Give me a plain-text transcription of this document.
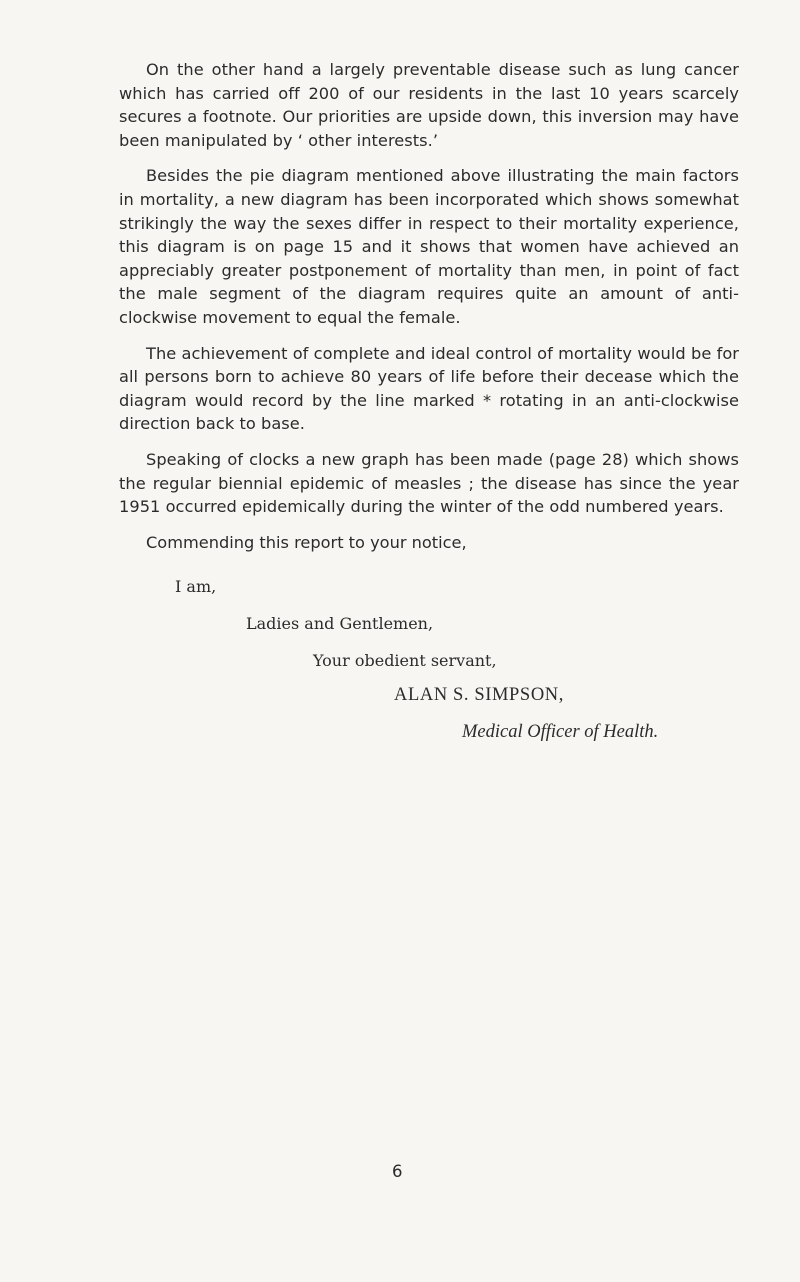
On the other hand a largely preventable disease such as lung cancer which has carried off 200 of our residents in the last 10 years scarcely secures a footnote. Our priorities are upside down, this inversion may have been manipulated by ‘ other interests.’

Besides the pie diagram mentioned above illustrating the main factors in mortality, a new diagram has been incorporated which shows somewhat strikingly the way the sexes differ in respect to their mortality experience, this diagram is on page 15 and it shows that women have achieved an appreciably greater postponement of mortality than men, in point of fact the male segment of the diagram requires quite an amount of anti-clockwise movement to equal the female.

The achievement of complete and ideal control of mortality would be for all persons born to achieve 80 years of life before their decease which the diagram would record by the line marked * rotating in an anti-clockwise direction back to base.

Speaking of clocks a new graph has been made (page 28) which shows the regular biennial epidemic of measles ; the disease has since the year 1951 occurred epidemically during the winter of the odd numbered years.

Commending this report to your notice,

I am,
Ladies and Gentlemen,
Your obedient servant,
ALAN S. SIMPSON,
Medical Officer of Health.
6
